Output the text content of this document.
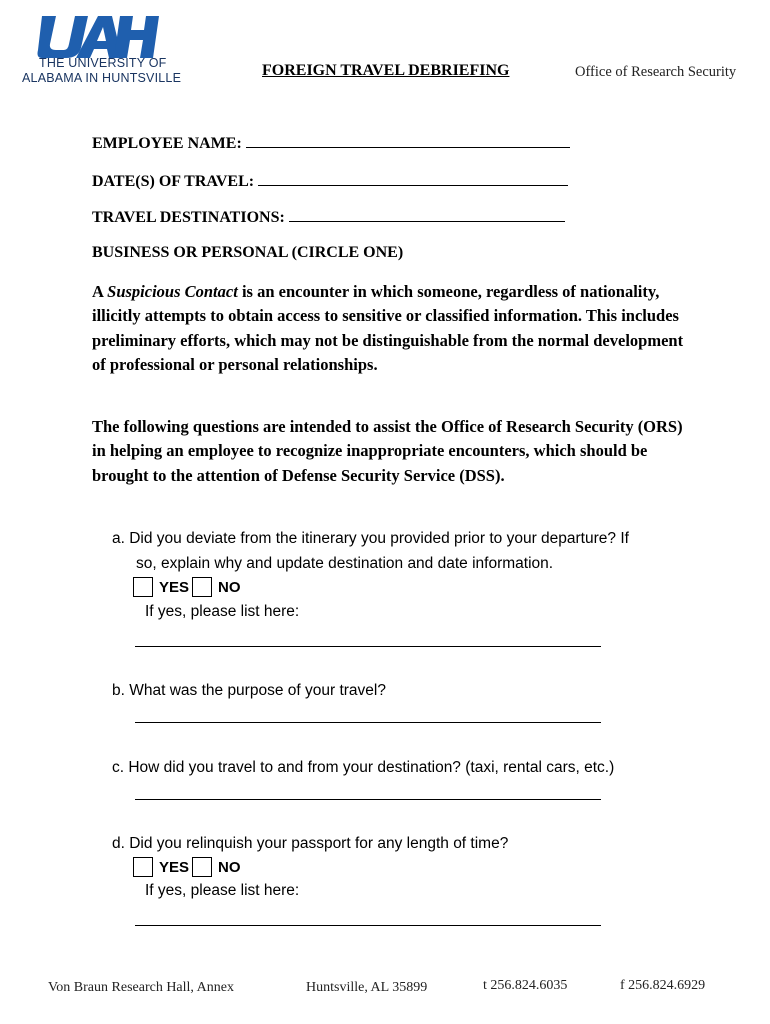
THE UNIVERSITY OF
ALABAMA IN HUNTSVILLE	FOREIGN TRAVEL DEBRIEFING	Office of Research Security
EMPLOYEE NAME:
DATE(S) OF TRAVEL:
TRAVEL DESTINATIONS:
BUSINESS OR PERSONAL (CIRCLE ONE)
A Suspicious Contact is an encounter in which someone, regardless of nationality, illicitly attempts to obtain access to sensitive or classified information. This includes preliminary efforts, which may not be distinguishable from the normal development of professional or personal relationships.
The following questions are intended to assist the Office of Research Security (ORS) in helping an employee to recognize inappropriate encounters, which should be brought to the attention of Defense Security Service (DSS).
a. Did you deviate from the itinerary you provided prior to your departure? If
so, explain why and update destination and date information.
YES NO
If yes, please list here:
b. What was the purpose of your travel?
c. How did you travel to and from your destination? (taxi, rental cars, etc.)
d. Did you relinquish your passport for any length of time?
YES NO
If yes, please list here:
Von Braun Research Hall, Annex	Huntsville, AL 35899	t 256.824.6035	f 256.824.6929
